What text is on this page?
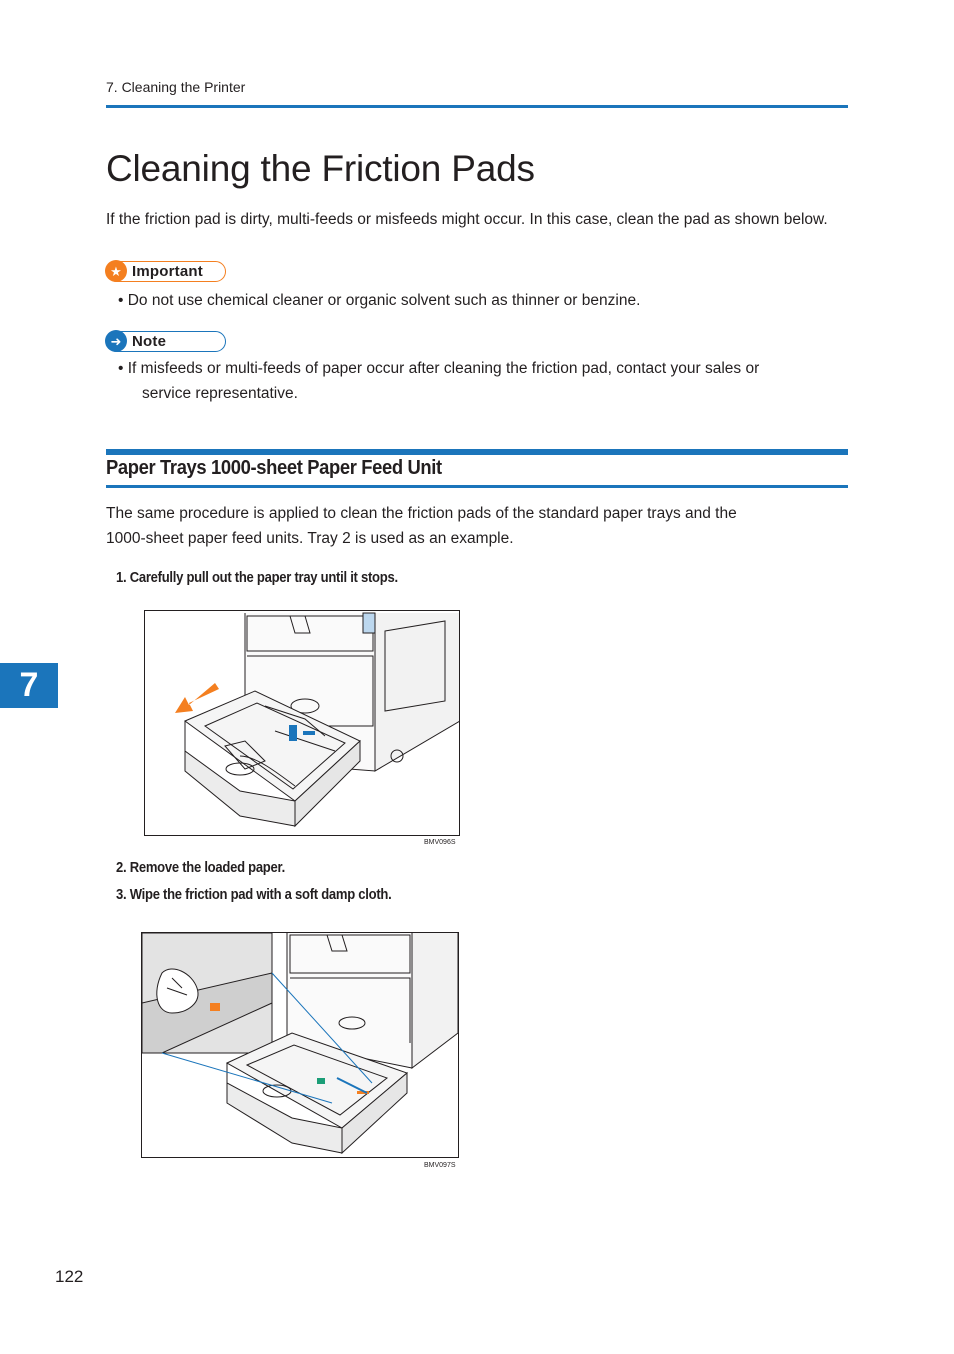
7. Cleaning the Printer
Cleaning the Friction Pads
If the friction pad is dirty, multi-feeds or misfeeds might occur. In this case, clean the pad as shown below.
★ Important
• Do not use chemical cleaner or organic solvent such as thinner or benzine.
➜ Note
• If misfeeds or multi-feeds of paper occur after cleaning the friction pad, contact your sales or
service representative.
Paper Trays 1000-sheet Paper Feed Unit
The same procedure is applied to clean the friction pads of the standard paper trays and the
1000-sheet paper feed units. Tray 2 is used as an example.
1. Carefully pull out the paper tray until it stops.
BMV096S
2. Remove the loaded paper.
3. Wipe the friction pad with a soft damp cloth.
BMV097S
7
122
